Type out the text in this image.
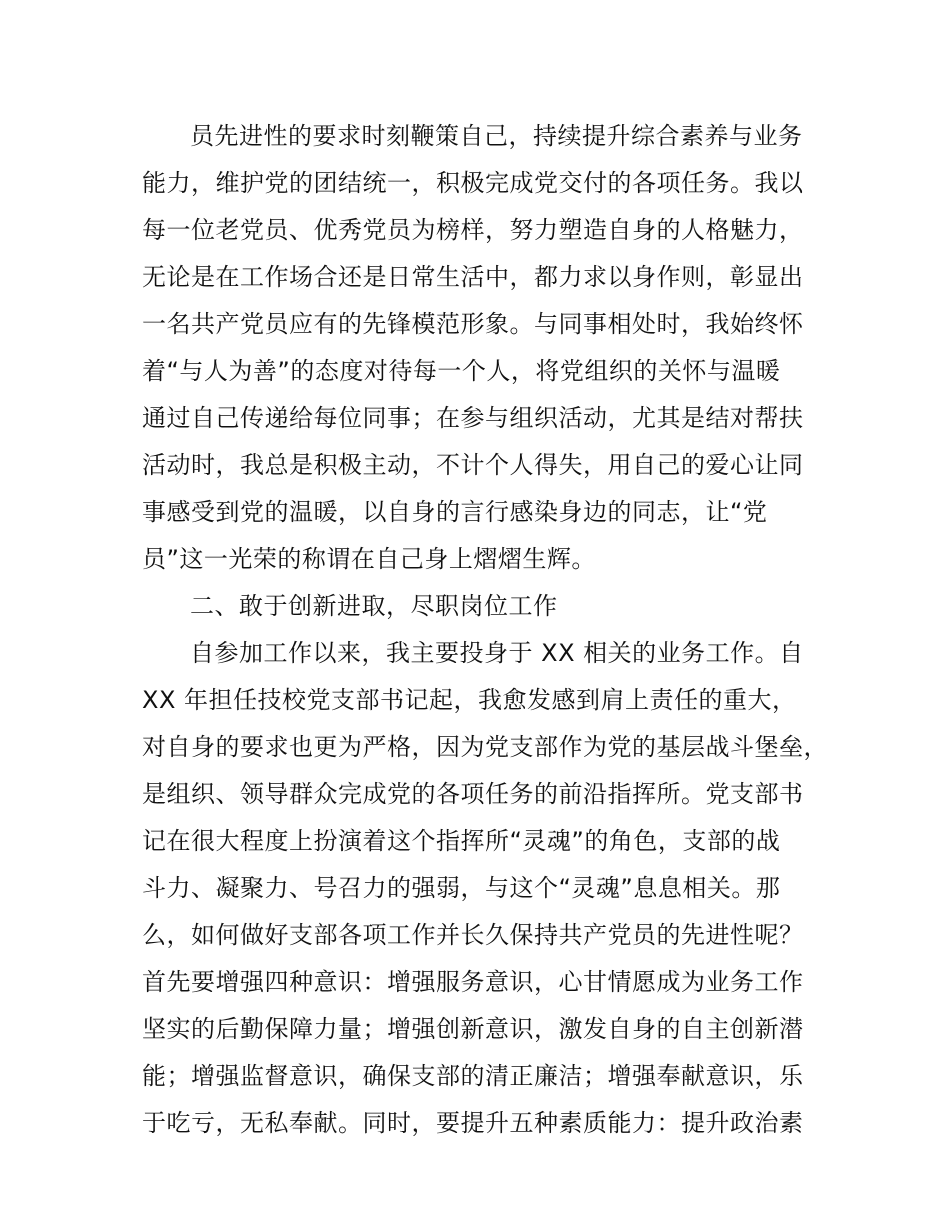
员先进性的要求时刻鞭策自己，持续提升综合素养与业务
能力，维护党的团结统一，积极完成党交付的各项任务。我以
每一位老党员、优秀党员为榜样，努力塑造自身的人格魅力，
无论是在工作场合还是日常生活中，都力求以身作则，彰显出
一名共产党员应有的先锋模范形象。与同事相处时，我始终怀
着“与人为善”的态度对待每一个人，将党组织的关怀与温暖
通过自己传递给每位同事；在参与组织活动，尤其是结对帮扶
活动时，我总是积极主动，不计个人得失，用自己的爱心让同
事感受到党的温暖，以自身的言行感染身边的同志，让“党
员”这一光荣的称谓在自己身上熠熠生辉。
二、敢于创新进取，尽职岗位工作
自参加工作以来，我主要投身于 XX 相关的业务工作。自
XX 年担任技校党支部书记起，我愈发感到肩上责任的重大，
对自身的要求也更为严格，因为党支部作为党的基层战斗堡垒，
是组织、领导群众完成党的各项任务的前沿指挥所。党支部书
记在很大程度上扮演着这个指挥所“灵魂”的角色，支部的战
斗力、凝聚力、号召力的强弱，与这个“灵魂”息息相关。那
么，如何做好支部各项工作并长久保持共产党员的先进性呢？
首先要增强四种意识：增强服务意识，心甘情愿成为业务工作
坚实的后勤保障力量；增强创新意识，激发自身的自主创新潜
能；增强监督意识，确保支部的清正廉洁；增强奉献意识，乐
于吃亏，无私奉献。同时，要提升五种素质能力：提升政治素
